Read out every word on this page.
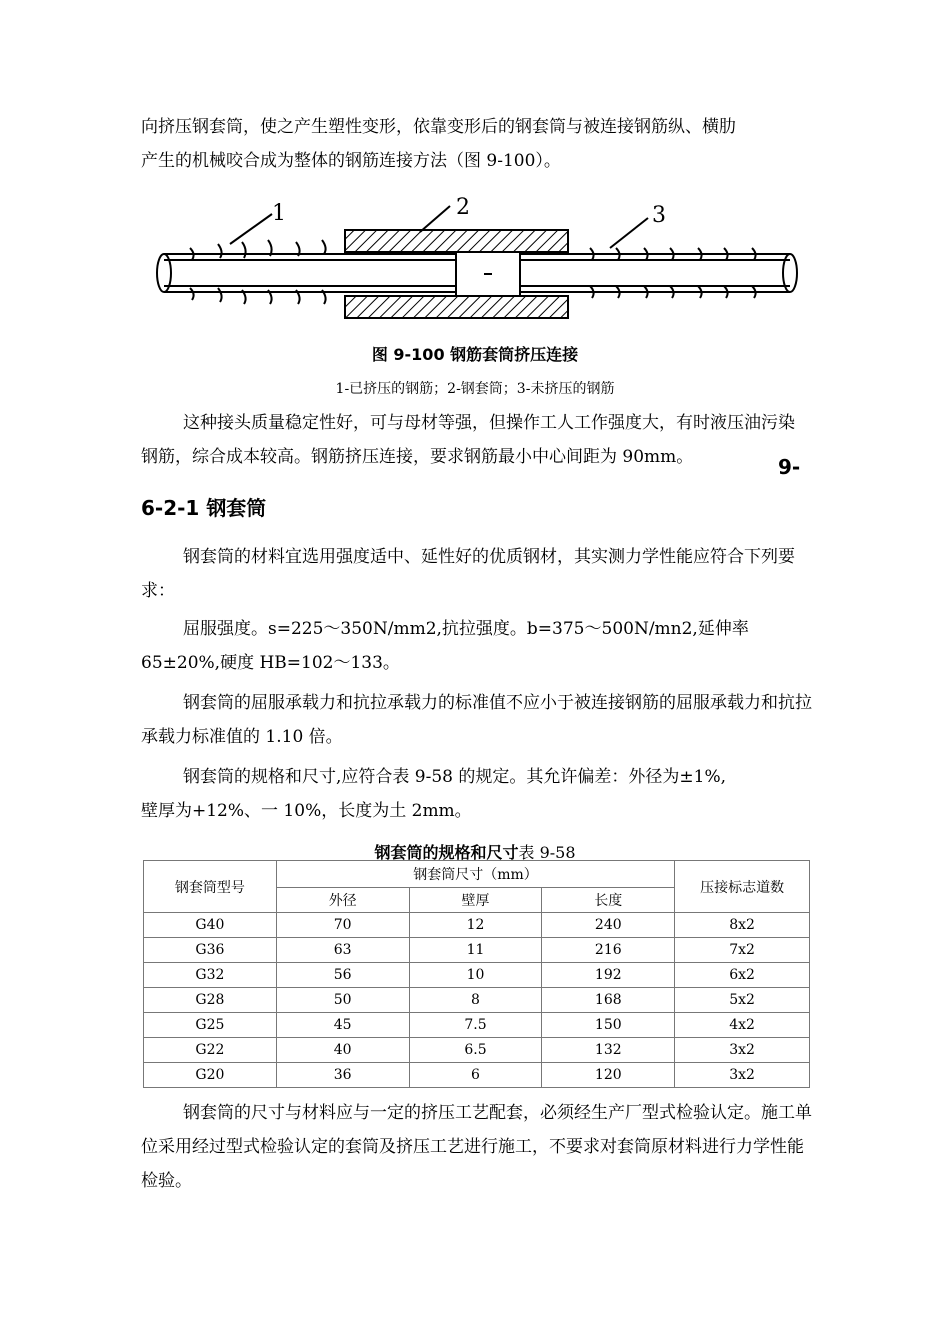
向挤压钢套筒，使之产生塑性变形，依靠变形后的钢套筒与被连接钢筋纵、横肋
产生的机械咬合成为整体的钢筋连接方法（图 9-100）。

1	2	3
图 9-100 钢筋套筒挤压连接
1-已挤压的钢筋；2-钢套筒；3-未挤压的钢筋

这种接头质量稳定性好，可与母材等强，但操作工人工作强度大，有时液压油污染钢筋，综合成本较高。钢筋挤压连接，要求钢筋最小中心间距为 90mm。	9-
6-2-1 钢套筒

钢套筒的材料宜选用强度适中、延性好的优质钢材，其实测力学性能应符合下列要求：

屈服强度。s=225〜350N/mm2,抗拉强度。b=375〜500N/mn2,延伸率 65±20%,硬度 HB=102〜133。

钢套筒的屈服承载力和抗拉承载力的标准值不应小于被连接钢筋的屈服承载力和抗拉承载力标准值的 1.10 倍。

钢套筒的规格和尺寸,应符合表 9-58 的规定。其允许偏差：外径为±1%,
壁厚为+12%、一 10%，长度为土 2mm。

钢套筒的规格和尺寸表 9-58
钢套筒型号	钢套筒尺寸（mm）			压接标志道数
	外径	壁厚	长度	
G40	70	12	240	8x2
G36	63	11	216	7x2
G32	56	10	192	6x2
G28	50	8	168	5x2
G25	45	7.5	150	4x2
G22	40	6.5	132	3x2
G20	36	6	120	3x2

钢套筒的尺寸与材料应与一定的挤压工艺配套，必须经生产厂型式检验认定。施工单位采用经过型式检验认定的套筒及挤压工艺进行施工，不要求对套筒原材料进行力学性能检验。
